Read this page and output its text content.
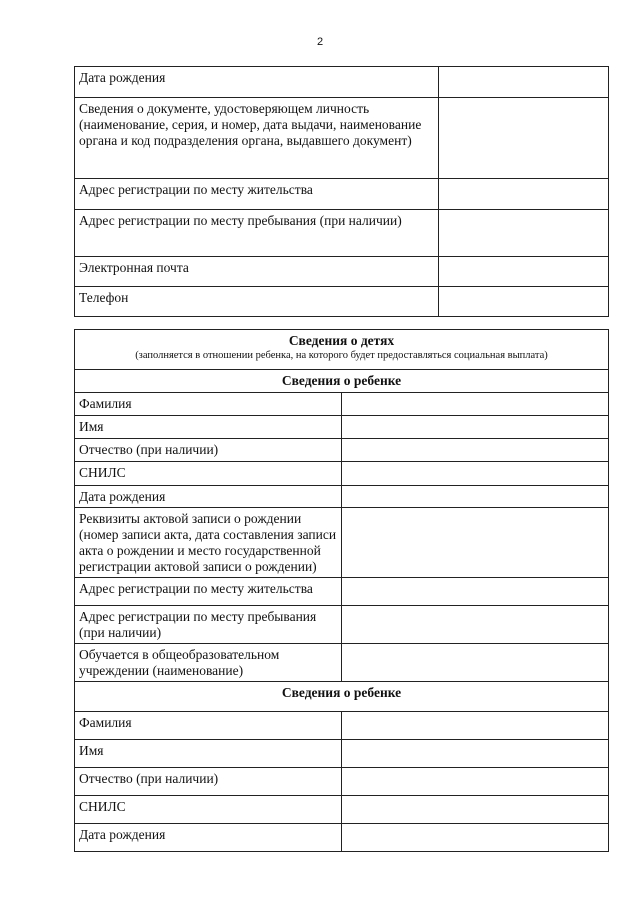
2
Дата рождения	
Сведения о документе, удостоверяющем личность (наименование, серия, и номер, дата выдачи, наименование органа и код подразделения органа, выдавшего документ)	
Адрес регистрации по месту жительства	
Адрес регистрации по месту пребывания (при наличии)	
Электронная почта	
Телефон	
Сведения о детях
(заполняется в отношении ребенка, на которого будет предоставляться социальная выплата)	

Сведения о ребенке	
Фамилия	
Имя	
Отчество (при наличии)	
СНИЛС	
Дата рождения	
Реквизиты актовой записи о рождении (номер записи акта, дата составления записи акта о рождении и место государственной регистрации актовой записи о рождении)	
Адрес регистрации по месту жительства	
Адрес регистрации по месту пребывания (при наличии)	
Обучается в общеобразовательном учреждении (наименование)	
Сведения о ребенке	
Фамилия	
Имя	
Отчество (при наличии)	
СНИЛС	
Дата рождения	
